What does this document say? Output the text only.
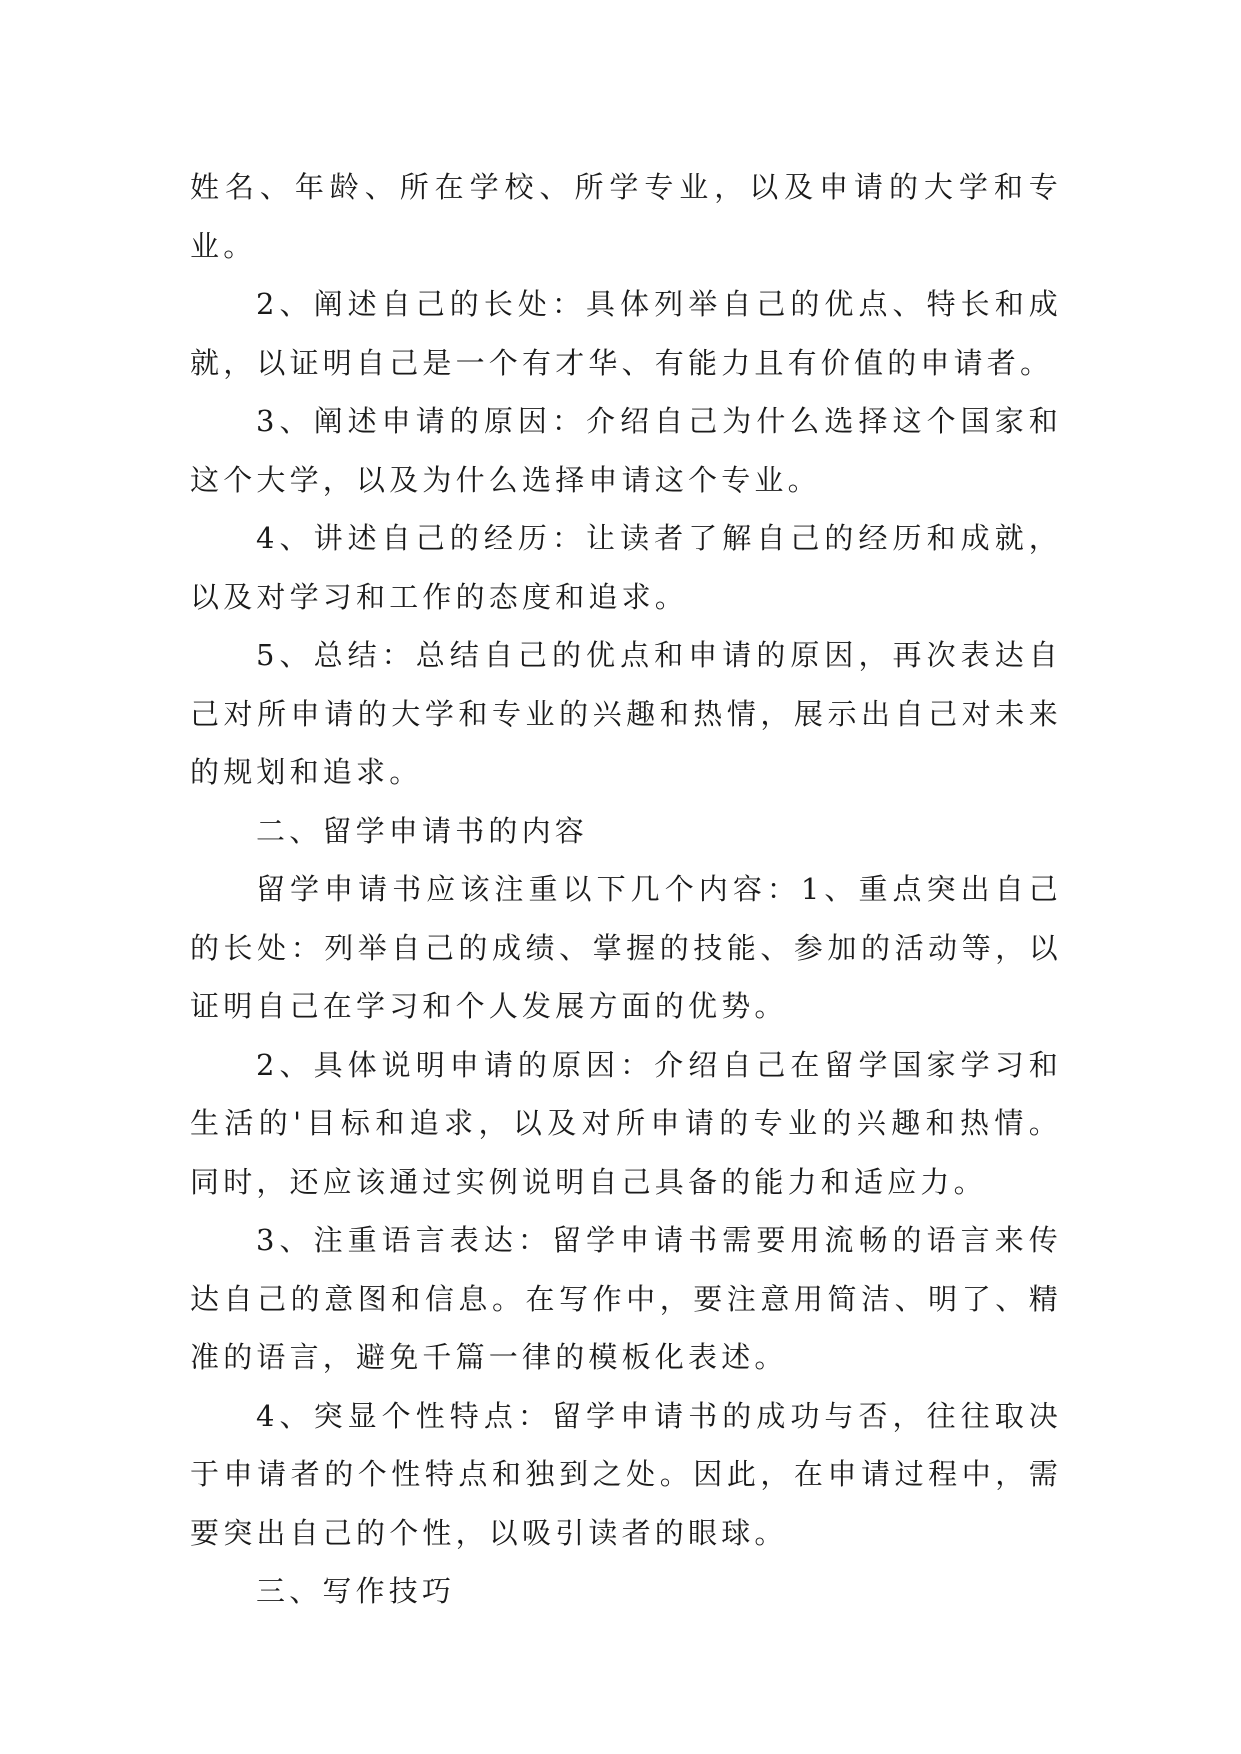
姓名、年龄、所在学校、所学专业，以及申请的大学和专业。

2、阐述自己的长处：具体列举自己的优点、特长和成就，以证明自己是一个有才华、有能力且有价值的申请者。

3、阐述申请的原因：介绍自己为什么选择这个国家和这个大学，以及为什么选择申请这个专业。

4、讲述自己的经历：让读者了解自己的经历和成就，以及对学习和工作的态度和追求。

5、总结：总结自己的优点和申请的原因，再次表达自己对所申请的大学和专业的兴趣和热情，展示出自己对未来的规划和追求。

二、留学申请书的内容

留学申请书应该注重以下几个内容：1、重点突出自己的长处：列举自己的成绩、掌握的技能、参加的活动等，以证明自己在学习和个人发展方面的优势。

2、具体说明申请的原因：介绍自己在留学国家学习和生活的'目标和追求，以及对所申请的专业的兴趣和热情。同时，还应该通过实例说明自己具备的能力和适应力。

3、注重语言表达：留学申请书需要用流畅的语言来传达自己的意图和信息。在写作中，要注意用简洁、明了、精准的语言，避免千篇一律的模板化表述。

4、突显个性特点：留学申请书的成功与否，往往取决于申请者的个性特点和独到之处。因此，在申请过程中，需要突出自己的个性，以吸引读者的眼球。

三、写作技巧
